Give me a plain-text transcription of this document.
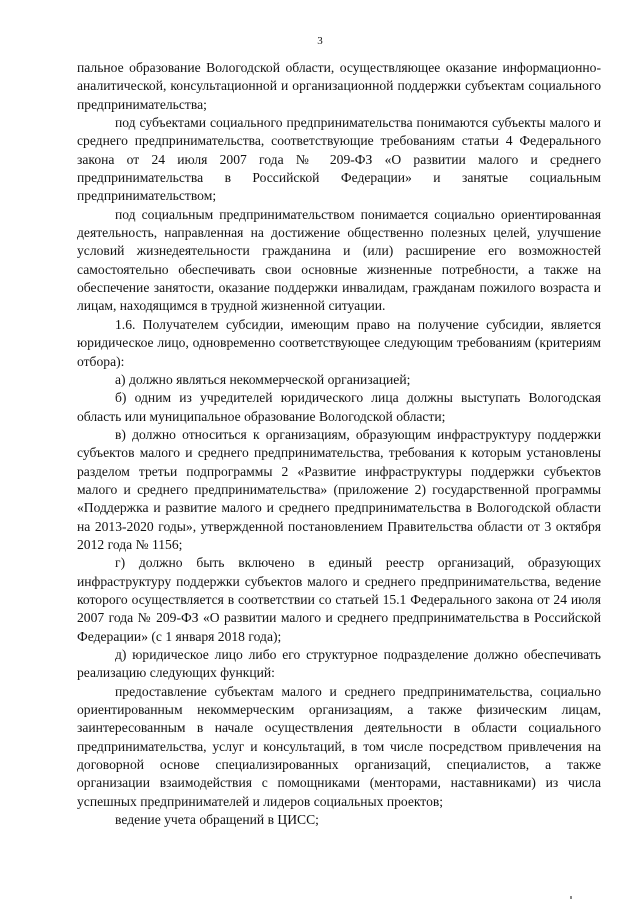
3

пальное образование Вологодской области, осуществляющее оказание информационно-аналитической, консультационной и организационной поддержки субъектам социального предпринимательства;

под субъектами социального предпринимательства понимаются субъекты малого и среднего предпринимательства, соответствующие требованиям статьи 4 Федерального закона от 24 июля 2007 года № 209-ФЗ «О развитии малого и среднего предпринимательства в Российской Федерации» и занятые социальным предпринимательством;

под социальным предпринимательством понимается социально ориентированная деятельность, направленная на достижение общественно полезных целей, улучшение условий жизнедеятельности гражданина и (или) расширение его возможностей самостоятельно обеспечивать свои основные жизненные потребности, а также на обеспечение занятости, оказание поддержки инвалидам, гражданам пожилого возраста и лицам, находящимся в трудной жизненной ситуации.

1.6. Получателем субсидии, имеющим право на получение субсидии, является юридическое лицо, одновременно соответствующее следующим требованиям (критериям отбора):

а) должно являться некоммерческой организацией;

б) одним из учредителей юридического лица должны выступать Вологодская область или муниципальное образование Вологодской области;

в) должно относиться к организациям, образующим инфраструктуру поддержки субъектов малого и среднего предпринимательства, требования к которым установлены разделом третьи подпрограммы 2 «Развитие инфраструктуры поддержки субъектов малого и среднего предпринимательства» (приложение 2) государственной программы «Поддержка и развитие малого и среднего предпринимательства в Вологодской области на 2013-2020 годы», утвержденной постановлением Правительства области от 3 октября 2012 года № 1156;

г) должно быть включено в единый реестр организаций, образующих инфраструктуру поддержки субъектов малого и среднего предпринимательства, ведение которого осуществляется в соответствии со статьей 15.1 Федерального закона от 24 июля 2007 года № 209-ФЗ «О развитии малого и среднего предпринимательства в Российской Федерации» (с 1 января 2018 года);

д) юридическое лицо либо его структурное подразделение должно обеспечивать реализацию следующих функций:

предоставление субъектам малого и среднего предпринимательства, социально ориентированным некоммерческим организациям, а также физическим лицам, заинтересованным в начале осуществления деятельности в области социального предпринимательства, услуг и консультаций, в том числе посредством привлечения на договорной основе специализированных организаций, специалистов, а также организации взаимодействия с помощниками (менторами, наставниками) из числа успешных предпринимателей и лидеров социальных проектов;

ведение учета обращений в ЦИСС;
